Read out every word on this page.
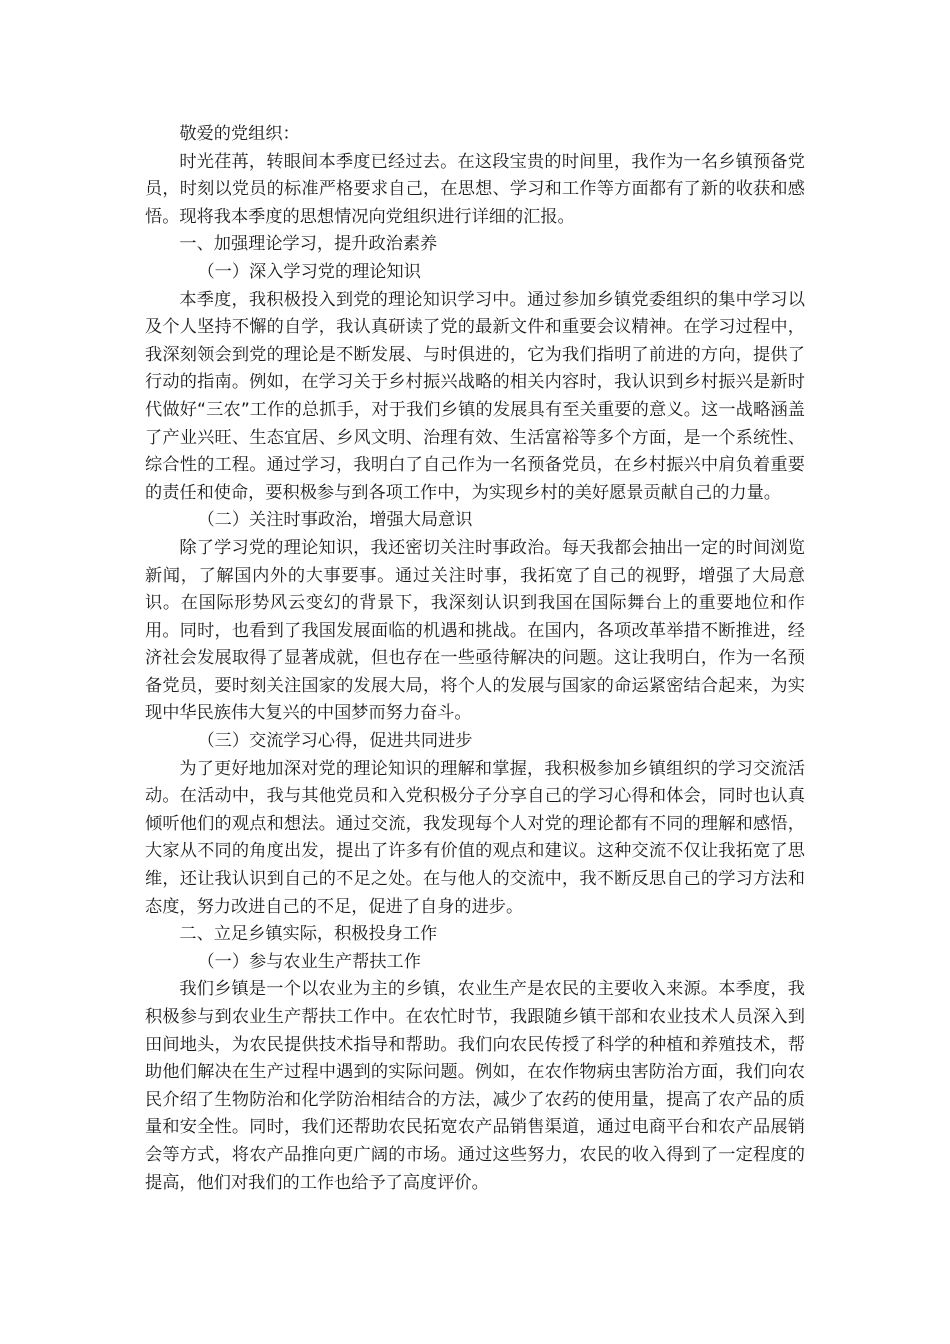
敬爱的党组织：

时光荏苒，转眼间本季度已经过去。在这段宝贵的时间里，我作为一名乡镇预备党员，时刻以党员的标准严格要求自己，在思想、学习和工作等方面都有了新的收获和感悟。现将我本季度的思想情况向党组织进行详细的汇报。

一、加强理论学习，提升政治素养

（一）深入学习党的理论知识

本季度，我积极投入到党的理论知识学习中。通过参加乡镇党委组织的集中学习以及个人坚持不懈的自学，我认真研读了党的最新文件和重要会议精神。在学习过程中，我深刻领会到党的理论是不断发展、与时俱进的，它为我们指明了前进的方向，提供了行动的指南。例如，在学习关于乡村振兴战略的相关内容时，我认识到乡村振兴是新时代做好“三农”工作的总抓手，对于我们乡镇的发展具有至关重要的意义。这一战略涵盖了产业兴旺、生态宜居、乡风文明、治理有效、生活富裕等多个方面，是一个系统性、综合性的工程。通过学习，我明白了自己作为一名预备党员，在乡村振兴中肩负着重要的责任和使命，要积极参与到各项工作中，为实现乡村的美好愿景贡献自己的力量。

（二）关注时事政治，增强大局意识

除了学习党的理论知识，我还密切关注时事政治。每天我都会抽出一定的时间浏览新闻，了解国内外的大事要事。通过关注时事，我拓宽了自己的视野，增强了大局意识。在国际形势风云变幻的背景下，我深刻认识到我国在国际舞台上的重要地位和作用。同时，也看到了我国发展面临的机遇和挑战。在国内，各项改革举措不断推进，经济社会发展取得了显著成就，但也存在一些亟待解决的问题。这让我明白，作为一名预备党员，要时刻关注国家的发展大局，将个人的发展与国家的命运紧密结合起来，为实现中华民族伟大复兴的中国梦而努力奋斗。

（三）交流学习心得，促进共同进步

为了更好地加深对党的理论知识的理解和掌握，我积极参加乡镇组织的学习交流活动。在活动中，我与其他党员和入党积极分子分享自己的学习心得和体会，同时也认真倾听他们的观点和想法。通过交流，我发现每个人对党的理论都有不同的理解和感悟，大家从不同的角度出发，提出了许多有价值的观点和建议。这种交流不仅让我拓宽了思维，还让我认识到自己的不足之处。在与他人的交流中，我不断反思自己的学习方法和态度，努力改进自己的不足，促进了自身的进步。

二、立足乡镇实际，积极投身工作

（一）参与农业生产帮扶工作

我们乡镇是一个以农业为主的乡镇，农业生产是农民的主要收入来源。本季度，我积极参与到农业生产帮扶工作中。在农忙时节，我跟随乡镇干部和农业技术人员深入到田间地头，为农民提供技术指导和帮助。我们向农民传授了科学的种植和养殖技术，帮助他们解决在生产过程中遇到的实际问题。例如，在农作物病虫害防治方面，我们向农民介绍了生物防治和化学防治相结合的方法，减少了农药的使用量，提高了农产品的质量和安全性。同时，我们还帮助农民拓宽农产品销售渠道，通过电商平台和农产品展销会等方式，将农产品推向更广阔的市场。通过这些努力，农民的收入得到了一定程度的提高，他们对我们的工作也给予了高度评价。
